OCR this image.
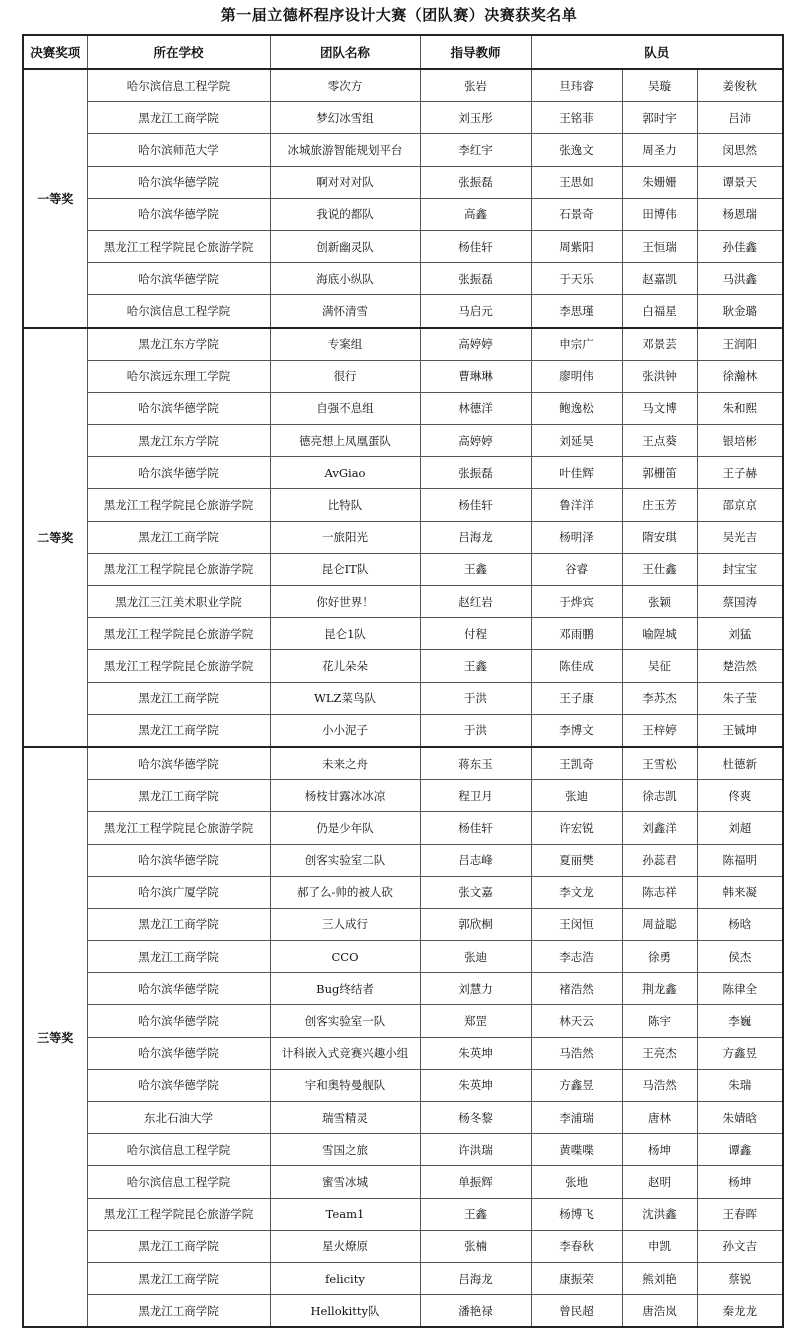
第一届立德杯程序设计大赛（团队赛）决赛获奖名单
决赛奖项	所在学校	团队名称	指导教师	队员		
一等奖	哈尔滨信息工程学院	零次方	张岩	旦玮睿	吴璇	姜俊秋
	黑龙江工商学院	梦幻冰雪组	刘玉彤	王铭菲	郭时宇	吕沛
	哈尔滨师范大学	冰城旅游智能规划平台	李红宇	张逸文	周圣力	闵思然
	哈尔滨华德学院	啊对对对队	张振磊	王思如	朱姗姗	谭景天
	哈尔滨华德学院	我说的都队	高鑫	石景奇	田博伟	杨恩瑞
	黑龙江工程学院昆仑旅游学院	创新幽灵队	杨佳轩	周紫阳	王恒瑞	孙佳鑫
	哈尔滨华德学院	海底小纵队	张振磊	于天乐	赵嘉凯	马洪鑫
	哈尔滨信息工程学院	满怀清雪	马启元	李思瑾	白福星	耿金璐
二等奖	黑龙江东方学院	专案组	高婷婷	申宗广	邓景芸	王润阳
	哈尔滨远东理工学院	很行	曹琳琳	廖明伟	张洪钟	徐瀚林
	哈尔滨华德学院	自强不息组	林德洋	鲍逸松	马文博	朱和熙
	黑龙江东方学院	德亮想上凤凰蛋队	高婷婷	刘延昊	王点葵	银培彬
	哈尔滨华德学院	AvGiao	张振磊	叶佳辉	郭栅笛	王子赫
	黑龙江工程学院昆仑旅游学院	比特队	杨佳轩	鲁洋洋	庄玉芳	邵京京
	黑龙江工商学院	一旅阳光	吕海龙	杨明泽	隋安琪	吴光吉
	黑龙江工程学院昆仑旅游学院	昆仑IT队	王鑫	谷睿	王仕鑫	封宝宝
	黑龙江三江美术职业学院	你好世界！	赵红岩	于烨宾	张颖	蔡国涛
	黑龙江工程学院昆仑旅游学院	昆仑1队	付程	邓雨鹏	喻陧城	刘猛
	黑龙江工程学院昆仑旅游学院	花儿朵朵	王鑫	陈佳成	吴征	楚浩然
	黑龙江工商学院	WLZ菜鸟队	于洪	王子康	李苏杰	朱子莹
	黑龙江工商学院	小小泥子	于洪	李博文	王梓婷	王铖坤
三等奖	哈尔滨华德学院	未来之舟	蒋东玉	王凯奇	王雪松	杜德新
	黑龙江工商学院	杨枝甘露冰冰凉	程卫月	张迪	徐志凯	佟爽
	黑龙江工程学院昆仑旅游学院	仍是少年队	杨佳轩	许宏锐	刘鑫洋	刘超
	哈尔滨华德学院	创客实验室二队	吕志峰	夏丽樊	孙蕊君	陈福明
	哈尔滨广厦学院	郝了么-帅的被人砍	张文嘉	李文龙	陈志祥	韩来凝
	黑龙江工商学院	三人成行	郭欣桐	王闵恒	周益聪	杨晗
	黑龙江工商学院	CCO	张迪	李志浩	徐勇	侯杰
	哈尔滨华德学院	Bug终结者	刘慧力	褚浩然	荆龙鑫	陈律全
	哈尔滨华德学院	创客实验室一队	郑罡	林天云	陈宇	李巍
	哈尔滨华德学院	计科嵌入式竞赛兴趣小组	朱英坤	马浩然	王亮杰	方鑫昱
	哈尔滨华德学院	宇和奥特曼舰队	朱英坤	方鑫昱	马浩然	朱瑞
	东北石油大学	瑞雪精灵	杨冬黎	李浦瑞	唐林	朱婧晗
	哈尔滨信息工程学院	雪国之旅	许洪瑞	黄喋喋	杨坤	谭鑫
	哈尔滨信息工程学院	蜜雪冰城	单振辉	张地	赵明	杨坤
	黑龙江工程学院昆仑旅游学院	Team1	王鑫	杨博飞	沈洪鑫	王春晖
	黑龙江工商学院	星火燎原	张楠	李春秋	申凯	孙文吉
	黑龙江工商学院	felicity	吕海龙	康振荣	熊刘艳	蔡锐
	黑龙江工商学院	Hellokitty队	潘艳禄	曾民超	唐浩岚	秦龙龙
